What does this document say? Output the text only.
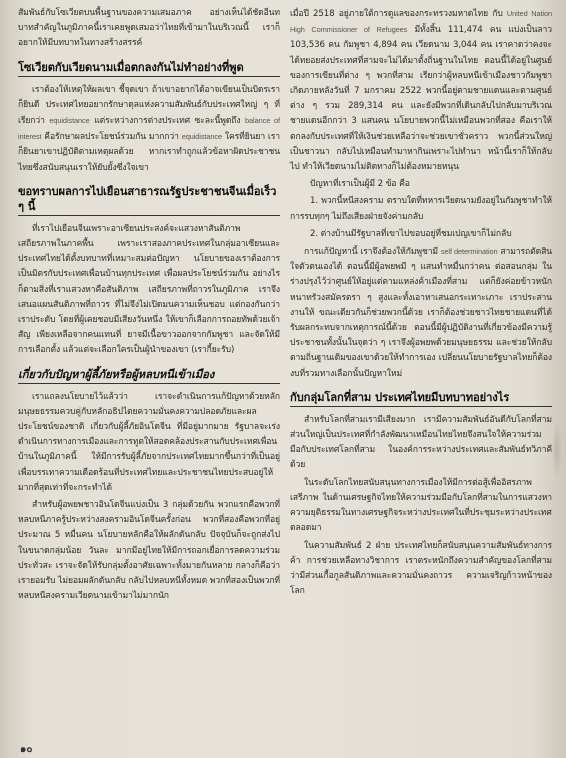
สัมพันธ์กับโซเวียตบนพื้นฐานของความเสมอภาค อย่างเห็นได้ชัดอีนทบาทสำคัญในภูมิภาคนี้เราเคยพูดเสมอว่าไทยที่เข้ามาในบริเวณนี้ เราก็อยากให้มีบทบาทในทางสร้างสรรค์

โซเวียตกับเวียดนามเมื่อตกลงกันไม่ทำอย่างที่พูด

เราต้องให้เหตุให้ผลเขา ชี้จุดเขา ถ้าเขาอยากได้อาจเขียนเป็นบิดรเราก็ยินดี ประเทศไทยอยากรักษาดุลแห่งความสัมพันธ์กับประเทศใหญ่ ๆ ที่เรียกว่า equidistance แต่ระหว่างการต่างประเทศ ซะละนี้พูดถึง balance of interest คือรักษาผลประโยชน์ร่วมกัน มากกว่า equidistance ใครที่ยินยา เราก็ยินยาเขาปฏิบัติตามเหตุผลด้วย หากเราทำถูกแล้วข้อหาผิดประชาชนไทยซึ่งสนับสนุนเราให้ยับยั้งซึ่งใจเขา

ขอทราบผลการไปเยือนสาธารณรัฐประชาชนจีนเมื่อเร็ว ๆ นี้

ที่เราไปเยือนจีนเพราะอาเซียนประสงค์จะแสวงหาสันติภาพ เสถียรภาพในภาคพื้น เพราะเราสองภาคประเทศในกลุ่มอาเซียนและประเทศไทยได้ตั้งบทบาทที่เหมาะสมต่อปัญหา นโยบายของเราต้องการเป็นมิตรกับประเทศเพื่อนบ้านทุกประเทศ เพื่อผลประโยชน์ร่วมกัน อย่างไรก็ตามสิ่งที่เราแสวงหาคือสันติภาพ เสถียรภาพที่ถาวรในภูมิภาค เราจึงเสนอแผนสันติภาพที่ถาวร ที่ไม่จึงไม่เปิดมนความเห็นชอบ แต่กองกันกว่าเราประดับ โดยที่ผู้เคยชอบมีเสียงวันหนึ่ง ให้เขาก็เลือกการถอยทัพด้วยเจ้าสัญ เพียงเหลือจากคนแทนที่ ยาจมีเนื้อขาวออกจากกัมพูชา และจัดให้มีการเลือกตั้ง แล้วแต่จะเลือกใครเป็นผู้นำของเขา (เรากี้ยะรับ)

เกี่ยวกับปัญหาผู้ลี้ภัยหรือผู้หลบหนีเข้าเมือง

เราแถลงนโยบายไว้แล้วว่า เราจะดำเนินการแก้ปัญหาด้วยหลักมนุษยธรรมควบคู่กับหลักอธิปไตยความมั่นคงความปลอดภัยและผลประโยชน์ของชาติ เกี่ยวกับผู้ลี้ภัยอินโดจีน ที่มีอยู่มากมาย รัฐบาลจะเร่งดำเนินการทางการเมืองและการทูตให้สอดคล้องประสานกับประเทศเพื่อนบ้านในภูมิภาคนี้ ให้มีการรับผู้ลี้ภัยจากประเทศไทยมากขึ้นกว่าที่เป็นอยู่ เพื่อบรรเทาความเดือดร้อนที่ประเทศไทยและประชาชนไทยประสบอยู่ให้มากที่สุดเท่าที่จะกระทำได้

สำหรับผู้อพยพชาวอินโดจีนแบ่งเป็น 3 กลุ่มด้วยกัน พวกแรกคือพวกที่หลบหนีภาครู้ประหว่างสงครามอินโดจีนครั้งก่อน พวกที่สองคือพวกที่อยู่ประมาณ 5 หมื่นคน นโยบายหลักคือให้ผลักดันกลับ ปัจจุบันก็จะถูกส่งไปในขนาดกลุ่มน้อย วันละ มากมีอยู่ไทยให้มีการถอกเยื่อการลดความร่วมประทั่วสะ เราจะจัดให้รับกลุ่มตั้งอาศัยเฉพาะทั้งมายกันหลาย กลางก็คือว่าเรายอมรับ ไม่ยอมผลักดันกลับ กลับไปหลบหนีทั้งหมด พวกที่สองเป็นพวกที่หลบหนีสงครามเวียดนามเข้ามาไม่มากนัก

เมื่อปี 2518 อยู่ภายใต้การดูแลของกระทรวงมหาดไทย กับ United Nation High Commissioner of Refugees มีทั้งสิ้น 111,474 คน แบ่งเป็นลาว 103,536 คน กัมพูชา 4,894 คน เวียดนาม 3,044 คน เราคาดว่าคงจะได้ทยอยส่งประเทศที่สามจะไม่ได้มาตั้งถิ่นฐานในไทย ตอนนี้ได้อยู่ในศูนย์ของการเขียนที่ต่าง ๆ พวกที่สาม เรียกว่าผู้หลบหนีเข้าเมืองชาวกัมพูชา เกิดภายหลังวันที่ 7 มกราคม 2522 พวกนี้อยู่ตามชายแดนและตามศูนย์ต่าง ๆ รวม 289,314 คน และยังมีพวกที่เดินกลับไปกลับมาบริเวณชายแดนอีกกว่า 3 แสนคน นโยบายพวกนี้ไม่เหมือนพวกที่สอง คือเราให้ตกลงกับประเทศที่ให้เงินช่วยเหลือว่าจะช่วยเขาชั่วคราว พวกนี้ส่วนใหญ่เป็นชาวนา กลับไปเหมือนทำมาหากินเพราะไปทำนา หน้านี้เราก็ให้กลับไป ทำให้เวียดนามไม่ติดทางก็ไม่ต้องหมายหนุน

ปัญหาที่เราเป็นผู้มี 2 ข้อ คือ

1. พวกนี้หนีสงคราม ตราบใดที่ทหารเวียดนามยังอยู่ในกัมพูชาทำให้การรบทุกๆ ไม่ถึงเสียงฝ่ายจังค่ามกลับ

2. ต่างบ้านมีรัฐบาลที่เขาไปขอบอยู่ที่ชมเปญเขาก็ไม่กลับ

การแก้ปัญหานี้ เราจึงต้องให้กัมพูชามี self determination สามารถตัดสินใจตัวตนเองได้ ตอนนี้มีผู้อพยพมี ๆ แสนทำหมื่นกว่าคน ต่อสอนกลุ่ม ในร่างปรุงไว้ว่าศูนย์ให้อยู่แต่ตามแหล่งค้าเมืองที่สาม แต่ก็ยังค่อยข้าวหนักหนาทรัวงสมัครตรา ๆ สูงและทั้งเอาหาเสนอกระเทาะเภาะ เราประสานงานให้ ขณะเดียวกันก็ช่วยพวกนี้ด้วย เราก็ต้องช่วยชาวไทยชายแดนที่ได้รับผลกระทบจากเหตุการณ์นี้ด้วย ตอนนี้มีผู้ปฏิบัติงานที่เกี่ยวข้องมีความรู้ประชาชนทั้งนั้นในจุดว่า ๆ เราจึงผู้อพยพด้วยมนุษยธรรม และช่วยให้กลับตามถิ่นฐานเดิมของเขาด้วยให้ทำการเอง เปลี่ยนนโยบายรัฐบาลไทยก็ต้องงบที่รวมทางเลือกนั้นปัญหาใหม่

กับกลุ่มโลกที่สาม ประเทศไทยมีบทบาทอย่างไร

สำหรับโลกที่สามเรามีเสียงมาก เรามีความสัมพันธ์อันดีกับโลกที่สาม ส่วนใหญ่เป็นประเทศที่กำลังพัฒนาเหมือนไทยไทยจึงสนใจให้ความร่วมมือกับประเทศโลกที่สาม ในองค์การระหว่างประเทศและสัมพันธ์ทวิภาคีด้วย

ในระดับโลกไทยสนับสนุนทางการเมืองให้มีการต่อสู้เพื่ออิสรภาพ เสรีภาพ ในด้านเศรษฐกิจไทยให้ความร่วมมือกับโลกที่สามในการแสวงหาความยุติธรรมในทางเศรษฐกิจระหว่างประเทศในที่ประชุมระหว่างประเทศตลอดมา

ในความสัมพันธ์ 2 ฝ่าย ประเทศไทยก็สนับสนุนความสัมพันธ์ทางการค้า การช่วยเหลือทางวิชาการ เราตระหนักถึงความสำคัญของโลกที่สามว่ามีส่วนเกื้อกูลสันติภาพและความมั่นคงถาวร ความเจริญก้าวหน้าของโลก

๑๐
